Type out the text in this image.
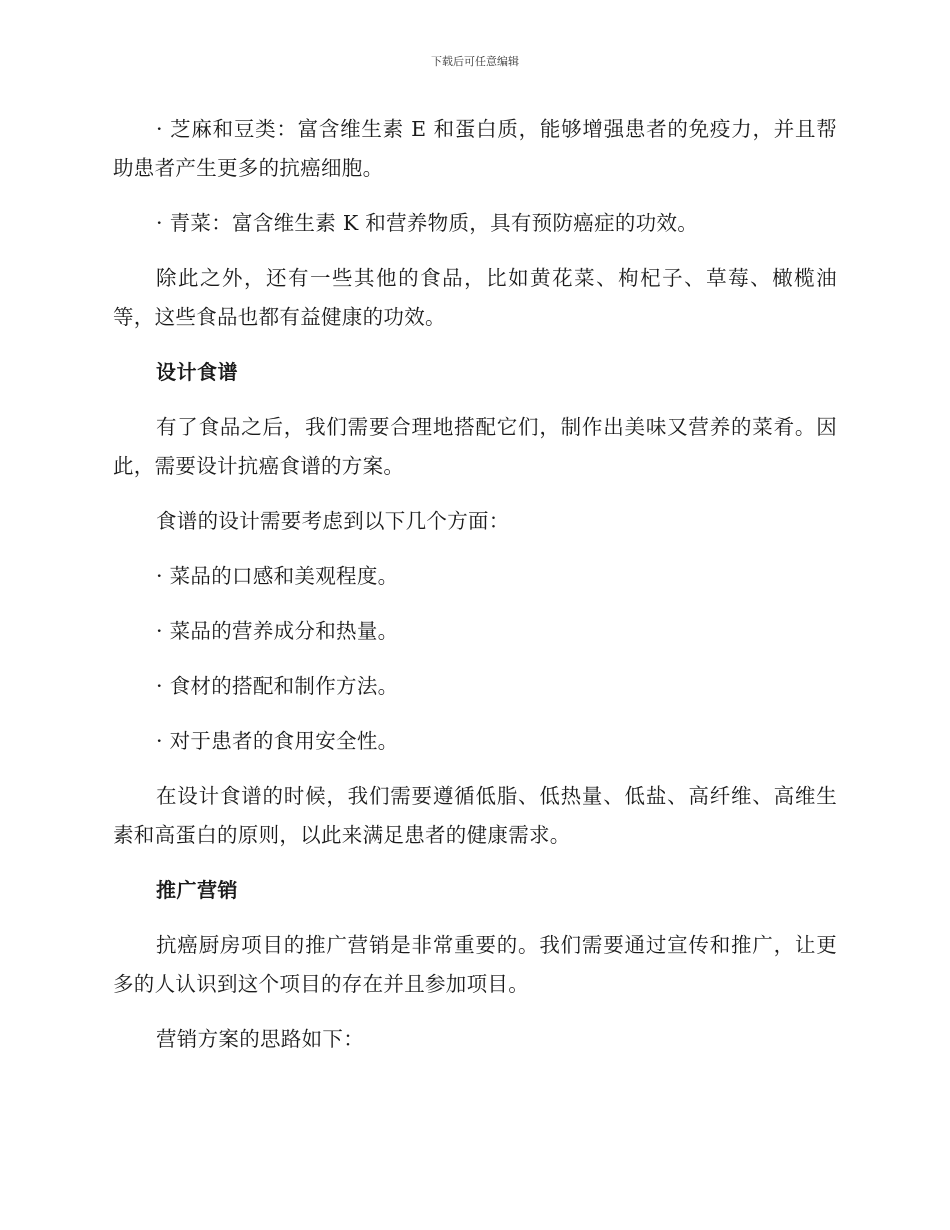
下载后可任意编辑

· 芝麻和豆类：富含维生素 E 和蛋白质，能够增强患者的免疫力，并且帮助患者产生更多的抗癌细胞。

· 青菜：富含维生素 K 和营养物质，具有预防癌症的功效。

除此之外，还有一些其他的食品，比如黄花菜、枸杞子、草莓、橄榄油等，这些食品也都有益健康的功效。

设计食谱

有了食品之后，我们需要合理地搭配它们，制作出美味又营养的菜肴。因此，需要设计抗癌食谱的方案。

食谱的设计需要考虑到以下几个方面：

· 菜品的口感和美观程度。

· 菜品的营养成分和热量。

· 食材的搭配和制作方法。

· 对于患者的食用安全性。

在设计食谱的时候，我们需要遵循低脂、低热量、低盐、高纤维、高维生素和高蛋白的原则，以此来满足患者的健康需求。

推广营销

抗癌厨房项目的推广营销是非常重要的。我们需要通过宣传和推广，让更多的人认识到这个项目的存在并且参加项目。

营销方案的思路如下：
